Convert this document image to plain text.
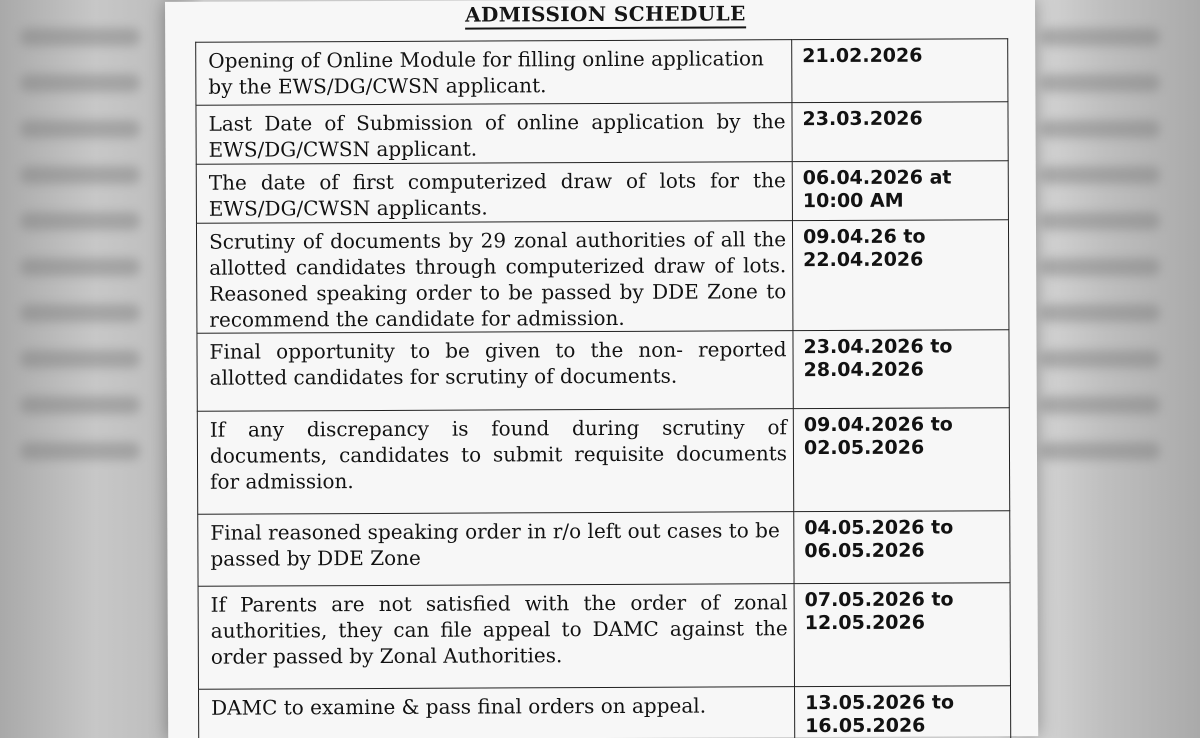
ADMISSION SCHEDULE
Opening of Online Module for filling online application by the EWS/DG/CWSN applicant.	21.02.2026

Last Date of Submission of online application by the EWS/DG/CWSN applicant.	23.03.2026

The date of first computerized draw of lots for the EWS/DG/CWSN applicants.	06.04.2026 at 10:00 AM

Scrutiny of documents by 29 zonal authorities of all the allotted candidates through computerized draw of lots. Reasoned speaking order to be passed by DDE Zone to recommend the candidate for admission.	09.04.26 to 22.04.2026

Final opportunity to be given to the non- reported allotted candidates for scrutiny of documents.	23.04.2026 to 28.04.2026

If any discrepancy is found during scrutiny of documents, candidates to submit requisite documents for admission.	09.04.2026 to 02.05.2026

Final reasoned speaking order in r/o left out cases to be passed by DDE Zone	04.05.2026 to 06.05.2026

If Parents are not satisfied with the order of zonal authorities, they can file appeal to DAMC against the order passed by Zonal Authorities.	07.05.2026 to 12.05.2026

DAMC to examine & pass final orders on appeal.	13.05.2026 to 16.05.2026
